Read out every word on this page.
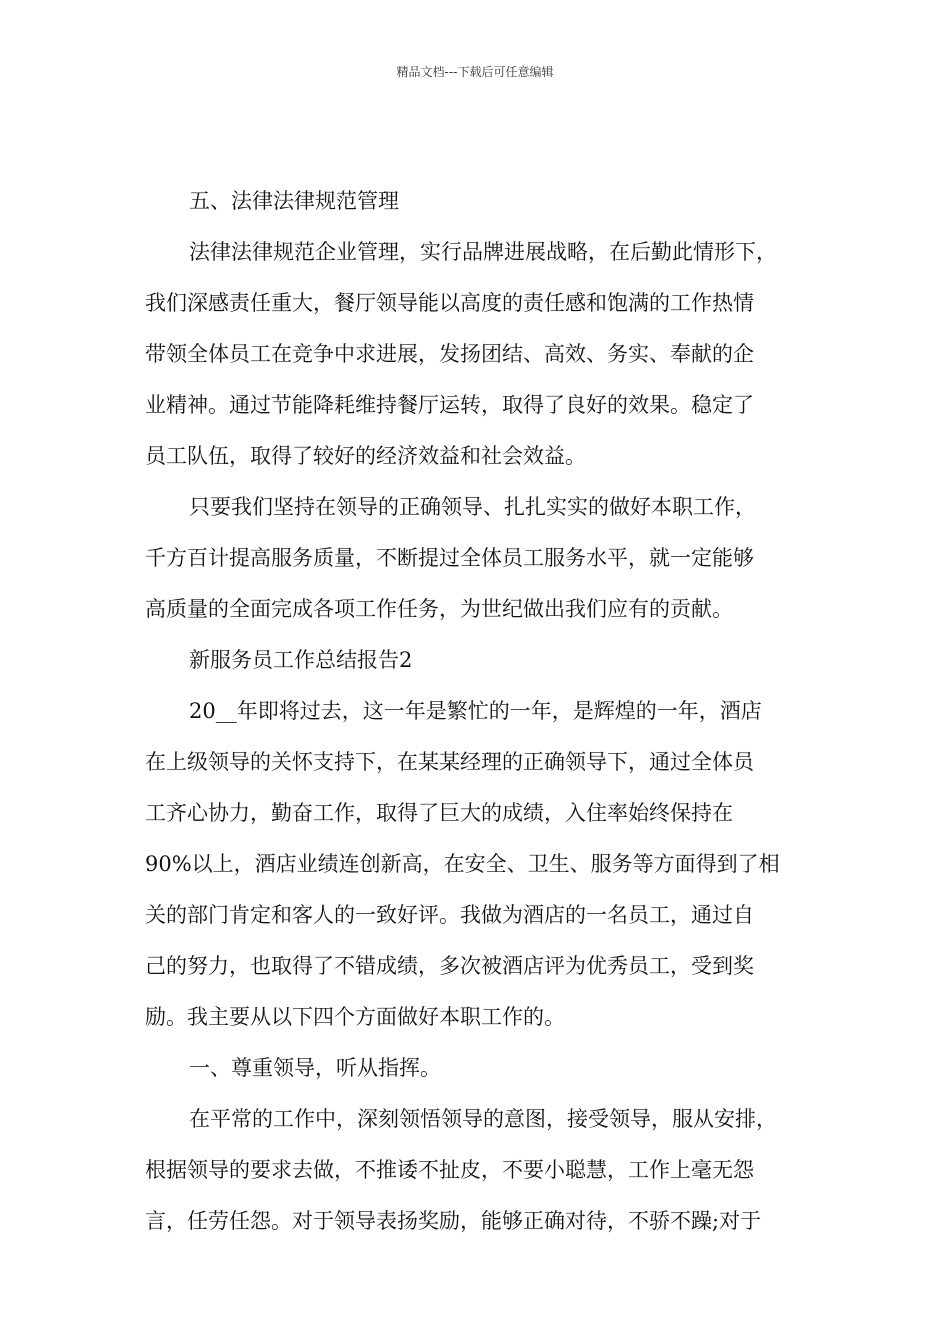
精品文档---下载后可任意编辑

五、法律法律规范管理

法律法律规范企业管理，实行品牌进展战略，在后勤此情形下，

我们深感责任重大，餐厅领导能以高度的责任感和饱满的工作热情

带领全体员工在竞争中求进展，发扬团结、高效、务实、奉献的企

业精神。通过节能降耗维持餐厅运转，取得了良好的效果。稳定了

员工队伍，取得了较好的经济效益和社会效益。

只要我们坚持在领导的正确领导、扎扎实实的做好本职工作，

千方百计提高服务质量，不断提过全体员工服务水平，就一定能够

高质量的全面完成各项工作任务，为世纪做出我们应有的贡献。

新服务员工作总结报告2

20__年即将过去，这一年是繁忙的一年，是辉煌的一年，酒店

在上级领导的关怀支持下，在某某经理的正确领导下，通过全体员

工齐心协力，勤奋工作，取得了巨大的成绩，入住率始终保持在

90%以上，酒店业绩连创新高，在安全、卫生、服务等方面得到了相

关的部门肯定和客人的一致好评。我做为酒店的一名员工，通过自

己的努力，也取得了不错成绩，多次被酒店评为优秀员工，受到奖

励。我主要从以下四个方面做好本职工作的。

一、尊重领导，听从指挥。

在平常的工作中，深刻领悟领导的意图，接受领导，服从安排，

根据领导的要求去做，不推诿不扯皮，不要小聪慧，工作上毫无怨

言，任劳任怨。对于领导表扬奖励，能够正确对待，不骄不躁;对于
